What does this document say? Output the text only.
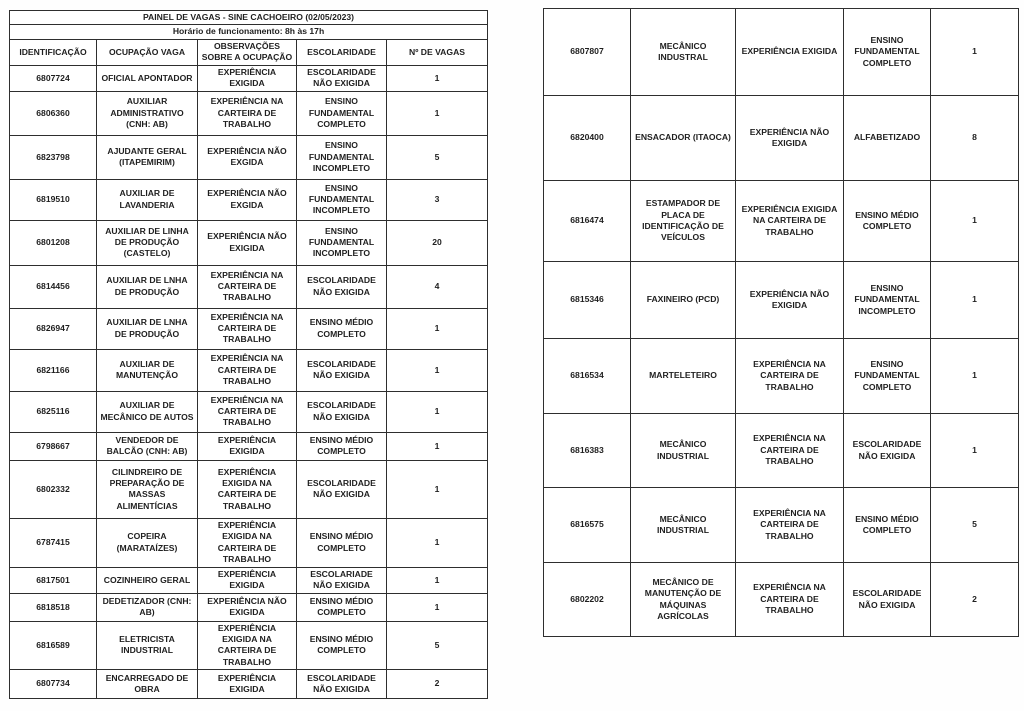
PAINEL DE VAGAS - SINE CACHOEIRO (02/05/2023)				
Horário de funcionamento: 8h às 17h				
IDENTIFICAÇÃO	OCUPAÇÃO VAGA	OBSERVAÇÕES SOBRE A OCUPAÇÃO	ESCOLARIDADE	Nº DE VAGAS
6807724	OFICIAL APONTADOR	EXPERIÊNCIA EXIGIDA	ESCOLARIDADE NÃO EXIGIDA	1
6806360	AUXILIAR ADMINISTRATIVO (CNH: AB)	EXPERIÊNCIA NA CARTEIRA DE TRABALHO	ENSINO FUNDAMENTAL COMPLETO	1
6823798	AJUDANTE GERAL (ITAPEMIRIM)	EXPERIÊNCIA NÃO EXGIDA	ENSINO FUNDAMENTAL INCOMPLETO	5
6819510	AUXILIAR DE LAVANDERIA	EXPERIÊNCIA NÃO EXGIDA	ENSINO FUNDAMENTAL INCOMPLETO	3
6801208	AUXILIAR DE LINHA DE PRODUÇÃO (CASTELO)	EXPERIÊNCIA NÃO EXIGIDA	ENSINO FUNDAMENTAL INCOMPLETO	20
6814456	AUXILIAR DE LNHA DE PRODUÇÃO	EXPERIÊNCIA NA CARTEIRA DE TRABALHO	ESCOLARIDADE NÃO EXIGIDA	4
6826947	AUXILIAR DE LNHA DE PRODUÇÃO	EXPERIÊNCIA NA CARTEIRA DE TRABALHO	ENSINO MÉDIO COMPLETO	1
6821166	AUXILIAR DE MANUTENÇÃO	EXPERIÊNCIA NA CARTEIRA DE TRABALHO	ESCOLARIDADE NÃO EXIGIDA	1
6825116	AUXILIAR DE MECÂNICO DE AUTOS	EXPERIÊNCIA NA CARTEIRA DE TRABALHO	ESCOLARIDADE NÃO EXIGIDA	1
6798667	VENDEDOR DE BALCÃO (CNH: AB)	EXPERIÊNCIA EXIGIDA	ENSINO MÉDIO COMPLETO	1
6802332	CILINDREIRO DE PREPARAÇÃO DE MASSAS ALIMENTÍCIAS	EXPERIÊNCIA EXIGIDA NA CARTEIRA DE TRABALHO	ESCOLARIDADE NÃO EXIGIDA	1
6787415	COPEIRA (MARATAÍZES)	EXPERIÊNCIA EXIGIDA NA CARTEIRA DE TRABALHO	ENSINO MÉDIO COMPLETO	1
6817501	COZINHEIRO GERAL	EXPERIÊNCIA EXIGIDA	ESCOLARIADE NÃO EXIGIDA	1
6818518	DEDETIZADOR (CNH: AB)	EXPERIÊNCIA NÃO EXIGIDA	ENSINO MÉDIO COMPLETO	1
6816589	ELETRICISTA INDUSTRIAL	EXPERIÊNCIA EXIGIDA NA CARTEIRA DE TRABALHO	ENSINO MÉDIO COMPLETO	5
6807734	ENCARREGADO DE OBRA	EXPERIÊNCIA EXIGIDA	ESCOLARIDADE NÃO EXIGIDA	2
6807807	MECÂNICO INDUSTRAL	EXPERIÊNCIA EXIGIDA	ENSINO FUNDAMENTAL COMPLETO	1
6820400	ENSACADOR (ITAOCA)	EXPERIÊNCIA NÃO EXIGIDA	ALFABETIZADO	8
6816474	ESTAMPADOR DE PLACA DE IDENTIFICAÇÃO DE VEÍCULOS	EXPERIÊNCIA EXIGIDA NA CARTEIRA DE TRABALHO	ENSINO MÉDIO COMPLETO	1
6815346	FAXINEIRO (PCD)	EXPERIÊNCIA NÃO EXIGIDA	ENSINO FUNDAMENTAL INCOMPLETO	1
6816534	MARTELETEIRO	EXPERIÊNCIA NA CARTEIRA DE TRABALHO	ENSINO FUNDAMENTAL COMPLETO	1
6816383	MECÂNICO INDUSTRIAL	EXPERIÊNCIA NA CARTEIRA DE TRABALHO	ESCOLARIDADE NÃO EXIGIDA	1
6816575	MECÂNICO INDUSTRIAL	EXPERIÊNCIA NA CARTEIRA DE TRABALHO	ENSINO MÉDIO COMPLETO	5
6802202	MECÂNICO DE MANUTENÇÃO DE MÁQUINAS AGRÍCOLAS	EXPERIÊNCIA NA CARTEIRA DE TRABALHO	ESCOLARIDADE NÃO EXIGIDA	2
